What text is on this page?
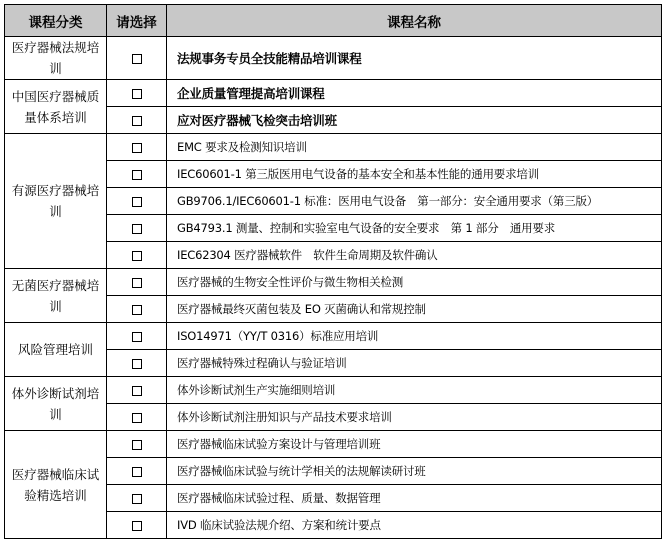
课程分类	请选择	课程名称
医疗器械法规培训		法规事务专员全技能精品培训课程
中国医疗器械质量体系培训		企业质量管理提高培训课程
		应对医疗器械飞检突击培训班
有源医疗器械培训		EMC 要求及检测知识培训
		IEC60601-1 第三版医用电气设备的基本安全和基本性能的通用要求培训
		GB9706.1/IEC60601-1 标准：医用电气设备　第一部分：安全通用要求（第三版）
		GB4793.1 测量、控制和实验室电气设备的安全要求　第 1 部分　通用要求
		IEC62304 医疗器械软件　软件生命周期及软件确认
无菌医疗器械培训		医疗器械的生物安全性评价与微生物相关检测
		医疗器械最终灭菌包装及 EO 灭菌确认和常规控制
风险管理培训		ISO14971（YY/T 0316）标准应用培训
		医疗器械特殊过程确认与验证培训
体外诊断试剂培训		体外诊断试剂生产实施细则培训
		体外诊断试剂注册知识与产品技术要求培训
医疗器械临床试验精选培训		医疗器械临床试验方案设计与管理培训班
		医疗器械临床试验与统计学相关的法规解读研讨班
		医疗器械临床试验过程、质量、数据管理
		IVD 临床试验法规介绍、方案和统计要点
